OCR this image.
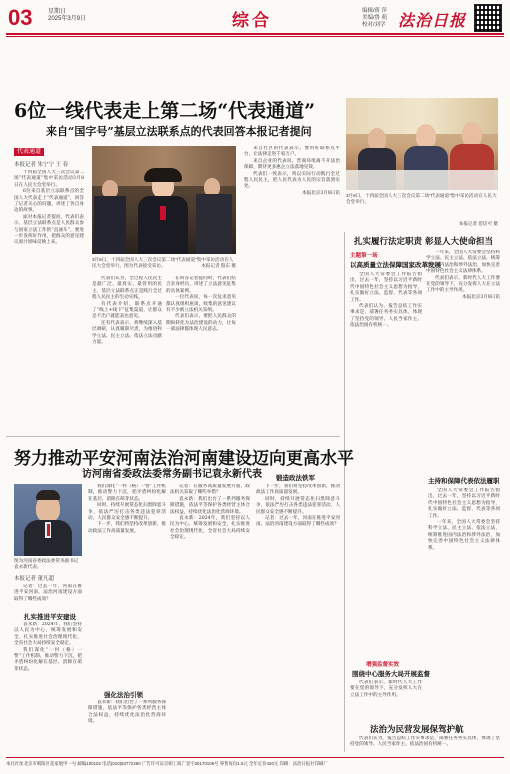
03	星期日
2025年3月9日	综合	编辑/蒋 萍
美编/鲁 萌
校对/刘学 法治日报
6位一线代表走上第二场“代表通道”
来自“国字号”基层立法联系点的代表回答本报记者提问
3月8日，十四届全国人大三次会议第二场“代表通道”集中采访活动在人民大会堂举行。
本报记者 范培可 摄
代表通道
本报记者 朱宁宁 王 春

十四届全国人大三次会议第二场“代表通道”集中采访活动3月8日在人民大会堂举行。

6位来自基层立法联系点的全国人大代表走上“代表通道”，回答了记者关心的问题，讲述了各自身边的故事。

面对本报记者提问，代表们表示，基层立法联系点是人民群众参与国家立法工作的“直通车”，要进一步发挥好作用，把群众的意见建议原汁原味反映上来。

3月8日，十四届全国人大三次会议第二场“代表通道”集中采访活动在人民大会堂举行。图为代表接受采访。	本报记者 殷东 摄

代表们认为，全过程人民民主是最广泛、最真实、最管用的民主，基层立法联系点正是践行全过程人民民主的生动实践。

有代表介绍，联系点开通了“线上+线下”征集渠道，让群众足不出户就能表达意见。

还有代表表示，将继续深入基层调研，认真履职尽责，为推进科学立法、民主立法、依法立法贡献力量。

在回答记者提问时，代表们结合亲身经历，讲述了立法意见征集的具体案例。

一位代表说，每一次征求意见都认真组织座谈，收集的意见建议有不少被立法机关采纳。

代表们表示，要把人民群众的期盼转化为法治建设的动力，让每一部法律都体现人民意志。

来自社区的代表表示，要用好联系点平台，让法律走进千家万户。

来自企业的代表说，营商环境离不开法治保障，期待更多惠企立法落地见效。

代表们一致表示，将以实际行动践行全过程人民民主，把人民代表为人民的宗旨落到实处。

本报北京3月8日讯

扎实履行法定职责 彰显人大使命担当
主题第一场
以高质量立法保障国家改革发展

全国人大常委会工作报告指出，过去一年，坚持以习近平新时代中国特色社会主义思想为指导，扎实做好立法、监督、代表等各项工作。

代表们认为，报告总结工作实事求是，部署任务务实具体，体现了坚持党的领导、人民当家作主、依法治国有机统一。

一年来，全国人大常委会坚持科学立法、民主立法、依法立法，统筹推进国内法治和涉外法治，加快完善中国特色社会主义法律体系。

代表们表示，新时代人大工作要在党的领导下，充分发挥人大在立法工作中的主导作用。

本报北京3月8日讯

主持和保障代表依法履职

全国人大常委会工作报告指出，过去一年，坚持以习近平新时代中国特色社会主义思想为指导，扎实做好立法、监督、代表等各项工作。

一年来，全国人大常委会坚持科学立法、民主立法、依法立法，统筹推进国内法治和涉外法治，加快完善中国特色社会主义法律体系。

增强监督实效
围绕中心服务大局开展监督

代表们表示，新时代人大工作要在党的领导下，充分发挥人大在立法工作中的主导作用。

法治为民营发展保驾护航

代表们认为，报告总结工作实事求是，部署任务务实具体，体现了坚持党的领导、人民当家作主、依法治国有机统一。

努力推动平安河南法治河南建设迈向更高水平
访河南省委政法委常务副书记袁永新代表
图为河南省委政法委常务副书记袁永新代表。
本报记者 董凡超
扎实推进平安建设

记者：过去一年，河南在推进平安河南、法治河南建设方面取得了哪些成效？

袁永新：2024年，我们坚持以人民为中心，统筹发展和安全，扎实推进社会治理现代化，全省社会大局持续安全稳定。

我们深化“一村（格）一警”工作机制，推动警力下沉，把矛盾纠纷化解在基层、消除在萌芽状态。

我们深化“一村（格）一警”工作机制，推动警力下沉，把矛盾纠纷化解在基层、消除在萌芽状态。

同时，持续开展常态化扫黑除恶斗争，依法严厉打击各类违法犯罪活动，人民群众安全感不断提升。

下一步，我们将坚持改革创新，推动政法工作高质量发展。

强化法治引领

袁永新：我们出台了一系列服务保障措施，依法平等保护各类经营主体合法权益，持续优化法治化营商环境。

记者：在服务高质量发展方面，政法机关采取了哪些举措？

袁永新：我们出台了一系列服务保障措施，依法平等保护各类经营主体合法权益，持续优化法治化营商环境。

袁永新：2024年，我们坚持以人民为中心，统筹发展和安全，扎实推进社会治理现代化，全省社会大局持续安全稳定。

锻造政法铁军

下一步，我们将坚持改革创新，推动政法工作高质量发展。

同时，持续开展常态化扫黑除恶斗争，依法严厉打击各类违法犯罪活动，人民群众安全感不断提升。

记者：过去一年，河南在推进平安河南、法治河南建设方面取得了哪些成效？

本社社址北京市朝阳区花家地甲一号 邮编100102 电话(010)84772280 广告许可证京朝工商广登字20170106号 零售每份1.5元 全年定价420元 印刷：法治日报社印刷厂
